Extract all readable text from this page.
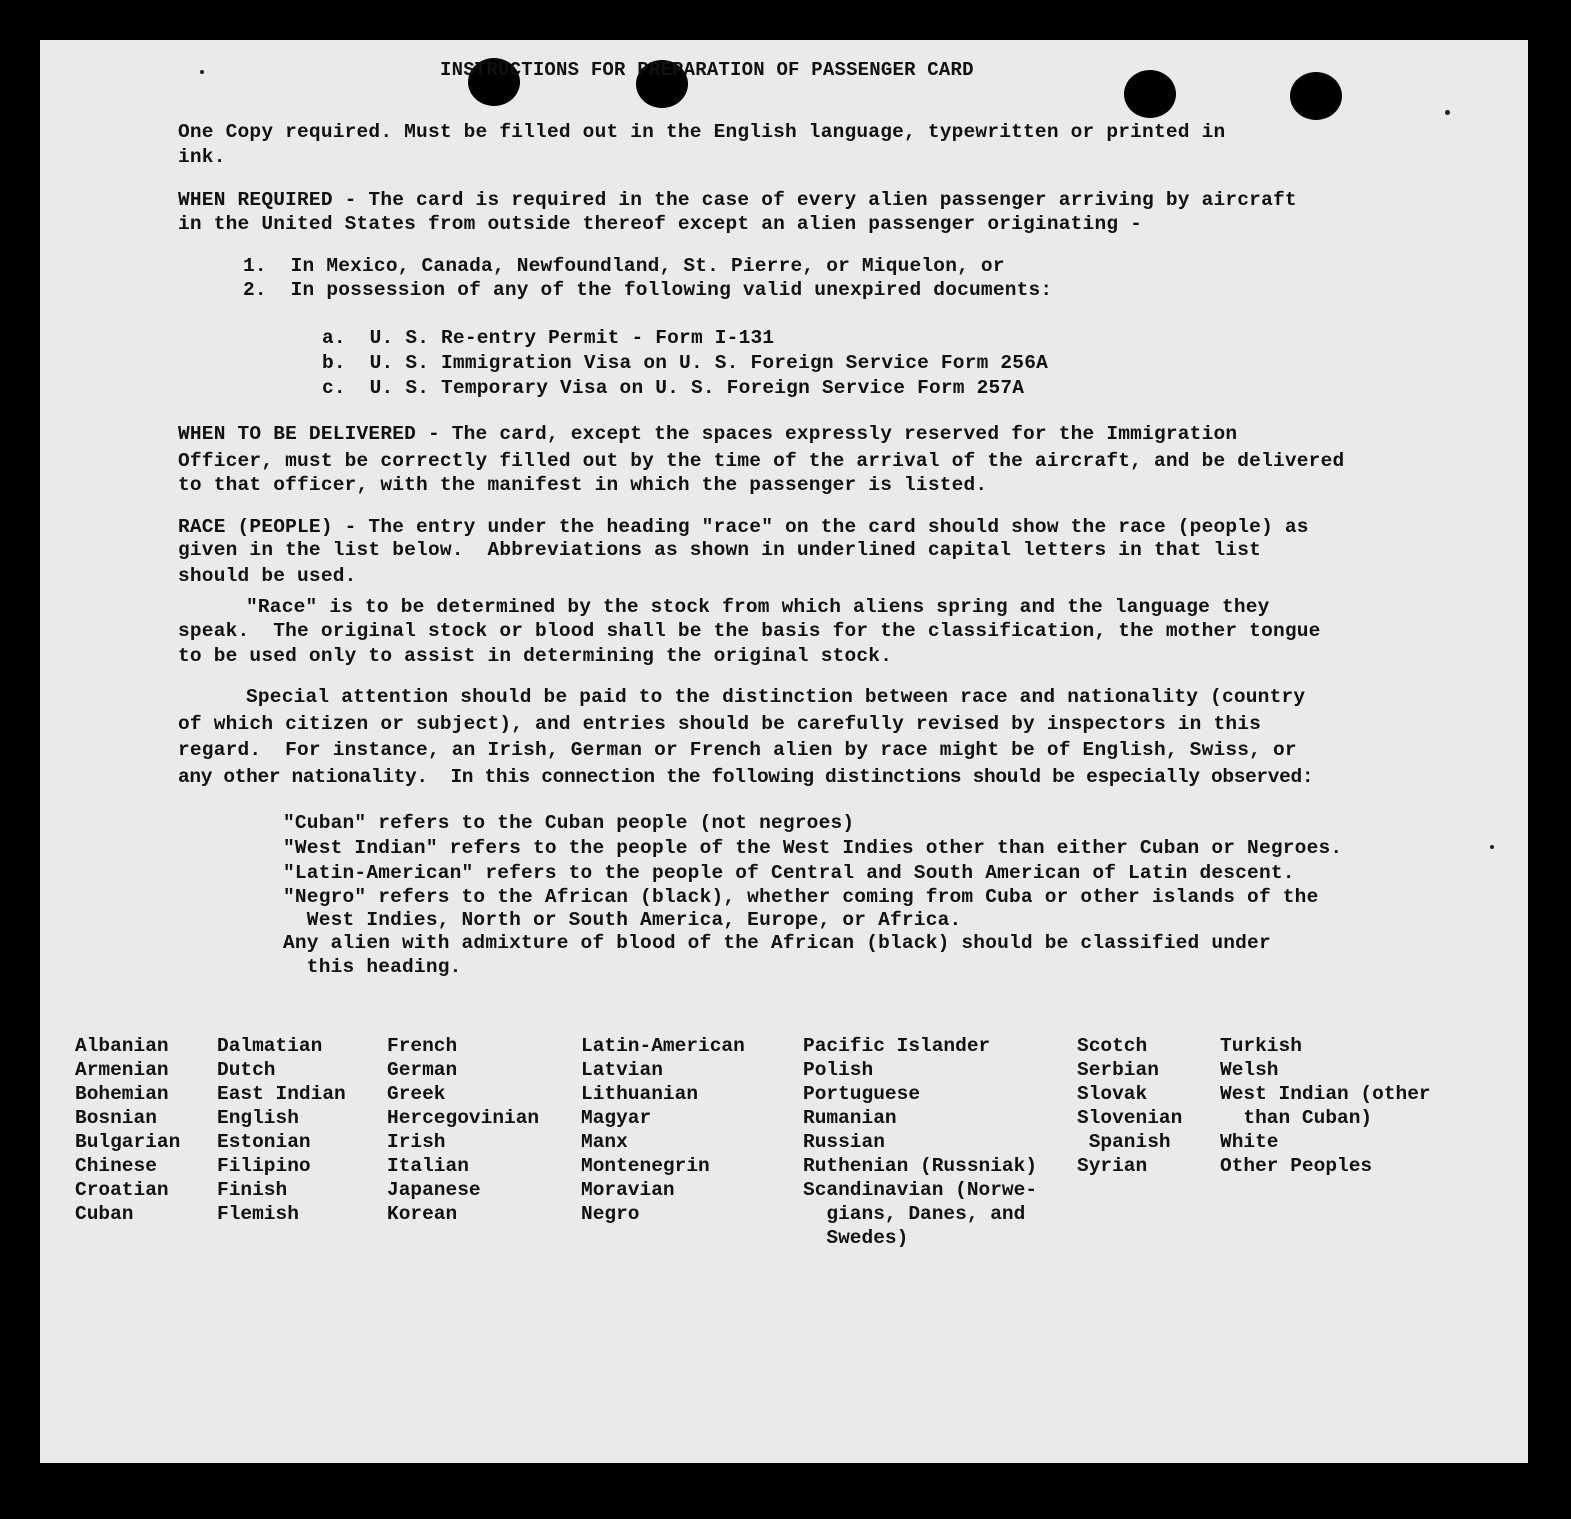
INSTRUCTIONS FOR PREPARATION OF PASSENGER CARD
One Copy required. Must be filled out in the English language, typewritten or printed in
ink.
WHEN REQUIRED - The card is required in the case of every alien passenger arriving by aircraft
in the United States from outside thereof except an alien passenger originating -
1.  In Mexico, Canada, Newfoundland, St. Pierre, or Miquelon, or
2.  In possession of any of the following valid unexpired documents:
a.  U. S. Re-entry Permit - Form I-131
b.  U. S. Immigration Visa on U. S. Foreign Service Form 256A
c.  U. S. Temporary Visa on U. S. Foreign Service Form 257A
WHEN TO BE DELIVERED - The card, except the spaces expressly reserved for the Immigration
Officer, must be correctly filled out by the time of the arrival of the aircraft, and be delivered
to that officer, with the manifest in which the passenger is listed.
RACE (PEOPLE) - The entry under the heading "race" on the card should show the race (people) as
given in the list below.  Abbreviations as shown in underlined capital letters in that list
should be used.
"Race" is to be determined by the stock from which aliens spring and the language they
speak.  The original stock or blood shall be the basis for the classification, the mother tongue
to be used only to assist in determining the original stock.
Special attention should be paid to the distinction between race and nationality (country
of which citizen or subject), and entries should be carefully revised by inspectors in this
regard.  For instance, an Irish, German or French alien by race might be of English, Swiss, or
any other nationality.  In this connection the following distinctions should be especially observed:
"Cuban" refers to the Cuban people (not negroes)
"West Indian" refers to the people of the West Indies other than either Cuban or Negroes.
"Latin-American" refers to the people of Central and South American of Latin descent.
"Negro" refers to the African (black), whether coming from Cuba or other islands of the
West Indies, North or South America, Europe, or Africa.
Any alien with admixture of blood of the African (black) should be classified under
this heading.
Albanian
Armenian
Bohemian
Bosnian
Bulgarian
Chinese
Croatian
Cuban
Dalmatian
Dutch
East Indian
English
Estonian
Filipino
Finish
Flemish
French
German
Greek
Hercegovinian
Irish
Italian
Japanese
Korean
Latin-American
Latvian
Lithuanian
Magyar
Manx
Montenegrin
Moravian
Negro
Pacific Islander
Polish
Portuguese
Rumanian
Russian
Ruthenian (Russniak)
Scandinavian (Norwe-
gians, Danes, and
Swedes)
Scotch
Serbian
Slovak
Slovenian
Spanish
Syrian
Turkish
Welsh
West Indian (other
than Cuban)
White
Other Peoples
